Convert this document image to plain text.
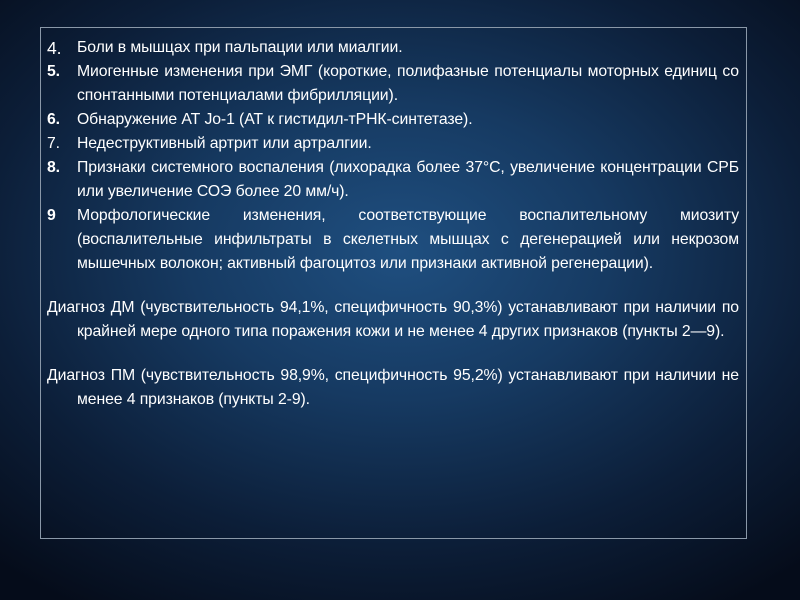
4. Боли в мышцах при пальпации или миалгии.
5.	Миогенные изменения при ЭМГ (короткие, полифазные потенциалы моторных единиц со спонтанными потенциалами фибрилляции).
6.	Обнаружение АТ Jo-1 (АТ к гистидил-тРНК-синтетазе).
7.	Недеструктивный артрит или артралгии.
8.	Признаки системного воспаления (лихорадка более 37°С, увеличение концентрации СРБ или увеличение СОЭ более 20 мм/ч).
9	Морфологические изменения, соответствующие воспалительному миозиту (воспалительные инфильтраты в скелетных мышцах с дегенерацией или некрозом мышечных волокон; активный фагоцитоз или признаки активной регенерации).
Диагноз ДМ (чувствительность 94,1%, специфичность 90,3%) устанавливают при наличии по крайней мере одного типа поражения кожи и не менее 4 других признаков (пункты 2—9).
Диагноз ПМ (чувствительность 98,9%, специфичность 95,2%) устанавливают при наличии не менее 4 признаков (пункты 2-9).
